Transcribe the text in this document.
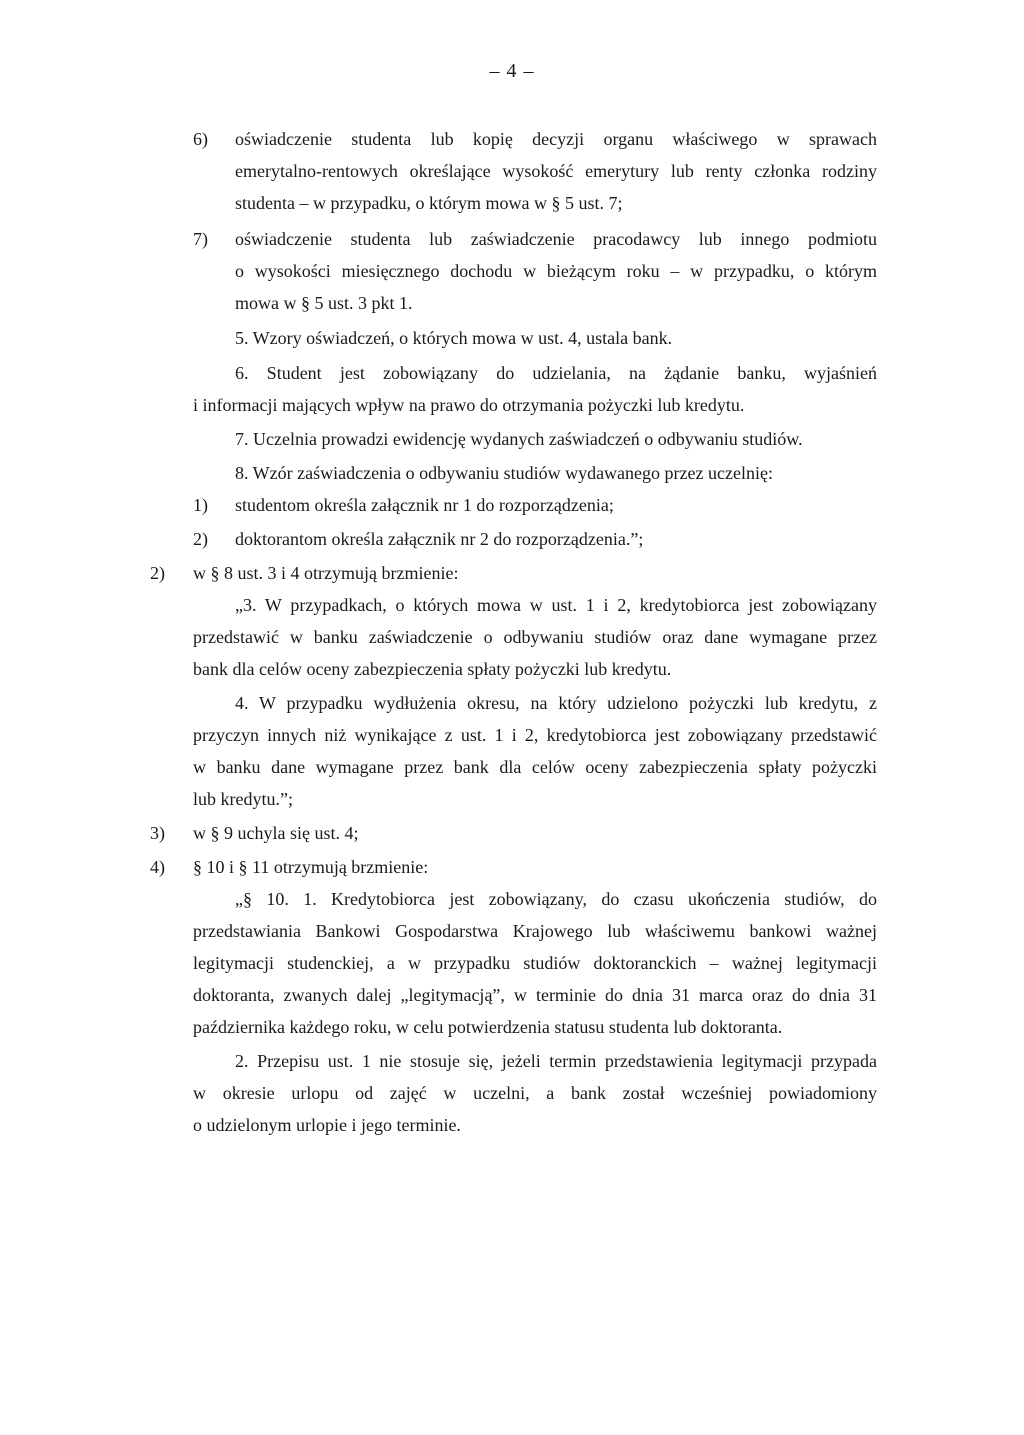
– 4 –
6) oświadczenie studenta lub kopię decyzji organu właściwego w sprawach
emerytalno-rentowych określające wysokość emerytury lub renty członka rodziny
studenta – w przypadku, o którym mowa w § 5 ust. 7;
7) oświadczenie studenta lub zaświadczenie pracodawcy lub innego podmiotu
o wysokości miesięcznego dochodu w bieżącym roku – w przypadku, o którym
mowa w § 5 ust. 3 pkt 1.
5. Wzory oświadczeń, o których mowa w ust. 4, ustala bank.
6. Student jest zobowiązany do udzielania, na żądanie banku, wyjaśnień
i informacji mających wpływ na prawo do otrzymania pożyczki lub kredytu.
7. Uczelnia prowadzi ewidencję wydanych zaświadczeń o odbywaniu studiów.
8. Wzór zaświadczenia o odbywaniu studiów wydawanego przez uczelnię:
1) studentom określa załącznik nr 1 do rozporządzenia;
2) doktorantom określa załącznik nr 2 do rozporządzenia.”;
2) w § 8 ust. 3 i 4 otrzymują brzmienie:
„3. W przypadkach, o których mowa w ust. 1 i 2, kredytobiorca jest zobowiązany
przedstawić w banku zaświadczenie o odbywaniu studiów oraz dane wymagane przez
bank dla celów oceny zabezpieczenia spłaty pożyczki lub kredytu.
4. W przypadku wydłużenia okresu, na który udzielono pożyczki lub kredytu, z
przyczyn innych niż wynikające z ust. 1 i 2, kredytobiorca jest zobowiązany przedstawić
w banku dane wymagane przez bank dla celów oceny zabezpieczenia spłaty pożyczki
lub kredytu.”;
3) w § 9 uchyla się ust. 4;
4) § 10 i § 11 otrzymują brzmienie:
„§ 10. 1. Kredytobiorca jest zobowiązany, do czasu ukończenia studiów, do
przedstawiania Bankowi Gospodarstwa Krajowego lub właściwemu bankowi ważnej
legitymacji studenckiej, a w przypadku studiów doktoranckich – ważnej legitymacji
doktoranta, zwanych dalej „legitymacją”, w terminie do dnia 31 marca oraz do dnia 31
października każdego roku, w celu potwierdzenia statusu studenta lub doktoranta.
2. Przepisu ust. 1 nie stosuje się, jeżeli termin przedstawienia legitymacji przypada
w okresie urlopu od zajęć w uczelni, a bank został wcześniej powiadomiony
o udzielonym urlopie i jego terminie.
